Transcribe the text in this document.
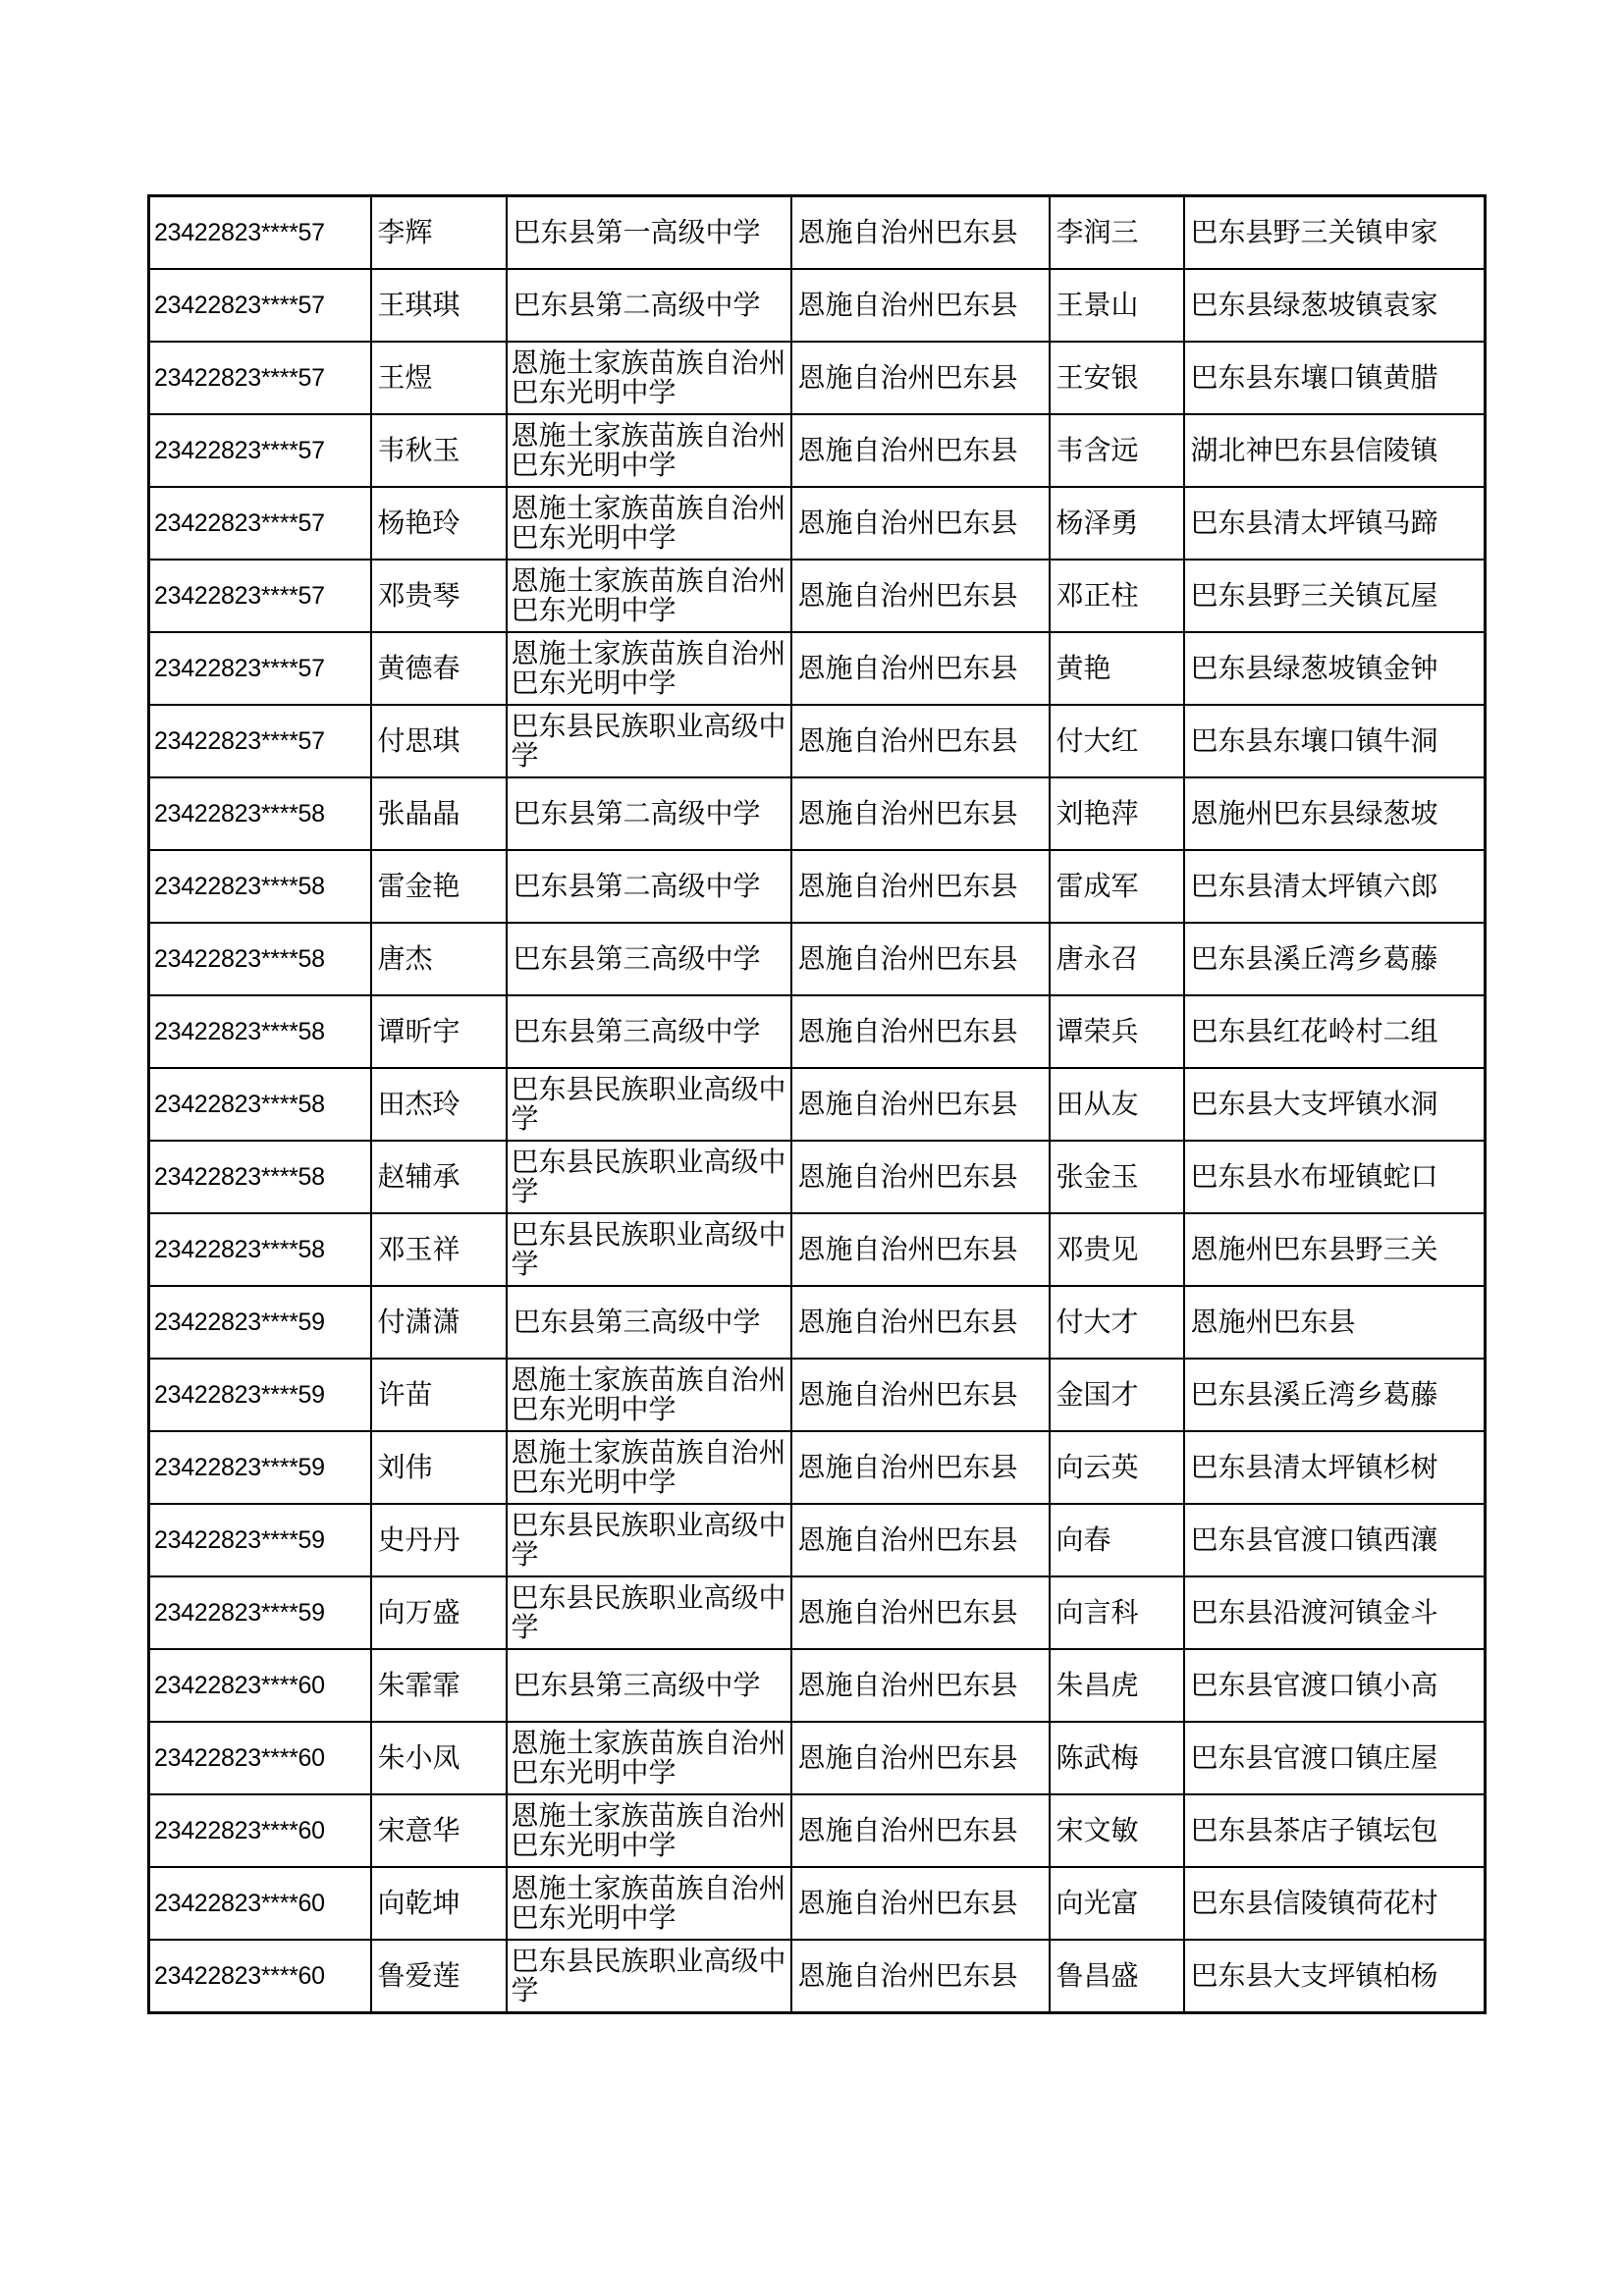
23422823****57	李辉	巴东县第一高级中学	恩施自治州巴东县	李润三	巴东县野三关镇申家
23422823****57	王琪琪	巴东县第二高级中学	恩施自治州巴东县	王景山	巴东县绿葱坡镇袁家
23422823****57	王煜	恩施土家族苗族自治州巴东光明中学	恩施自治州巴东县	王安银	巴东县东壤口镇黄腊
23422823****57	韦秋玉	恩施土家族苗族自治州巴东光明中学	恩施自治州巴东县	韦含远	湖北神巴东县信陵镇
23422823****57	杨艳玲	恩施土家族苗族自治州巴东光明中学	恩施自治州巴东县	杨泽勇	巴东县清太坪镇马蹄
23422823****57	邓贵琴	恩施土家族苗族自治州巴东光明中学	恩施自治州巴东县	邓正柱	巴东县野三关镇瓦屋
23422823****57	黄德春	恩施土家族苗族自治州巴东光明中学	恩施自治州巴东县	黄艳	巴东县绿葱坡镇金钟
23422823****57	付思琪	巴东县民族职业高级中学	恩施自治州巴东县	付大红	巴东县东壤口镇牛洞
23422823****58	张晶晶	巴东县第二高级中学	恩施自治州巴东县	刘艳萍	恩施州巴东县绿葱坡
23422823****58	雷金艳	巴东县第二高级中学	恩施自治州巴东县	雷成军	巴东县清太坪镇六郎
23422823****58	唐杰	巴东县第三高级中学	恩施自治州巴东县	唐永召	巴东县溪丘湾乡葛藤
23422823****58	谭昕宇	巴东县第三高级中学	恩施自治州巴东县	谭荣兵	巴东县红花岭村二组
23422823****58	田杰玲	巴东县民族职业高级中学	恩施自治州巴东县	田从友	巴东县大支坪镇水洞
23422823****58	赵辅承	巴东县民族职业高级中学	恩施自治州巴东县	张金玉	巴东县水布垭镇蛇口
23422823****58	邓玉祥	巴东县民族职业高级中学	恩施自治州巴东县	邓贵见	恩施州巴东县野三关
23422823****59	付潇潇	巴东县第三高级中学	恩施自治州巴东县	付大才	恩施州巴东县
23422823****59	许苗	恩施土家族苗族自治州巴东光明中学	恩施自治州巴东县	金国才	巴东县溪丘湾乡葛藤
23422823****59	刘伟	恩施土家族苗族自治州巴东光明中学	恩施自治州巴东县	向云英	巴东县清太坪镇杉树
23422823****59	史丹丹	巴东县民族职业高级中学	恩施自治州巴东县	向春	巴东县官渡口镇西瀼
23422823****59	向万盛	巴东县民族职业高级中学	恩施自治州巴东县	向言科	巴东县沿渡河镇金斗
23422823****60	朱霏霏	巴东县第三高级中学	恩施自治州巴东县	朱昌虎	巴东县官渡口镇小高
23422823****60	朱小凤	恩施土家族苗族自治州巴东光明中学	恩施自治州巴东县	陈武梅	巴东县官渡口镇庄屋
23422823****60	宋意华	恩施土家族苗族自治州巴东光明中学	恩施自治州巴东县	宋文敏	巴东县茶店子镇坛包
23422823****60	向乾坤	恩施土家族苗族自治州巴东光明中学	恩施自治州巴东县	向光富	巴东县信陵镇荷花村
23422823****60	鲁爱莲	巴东县民族职业高级中学	恩施自治州巴东县	鲁昌盛	巴东县大支坪镇柏杨
